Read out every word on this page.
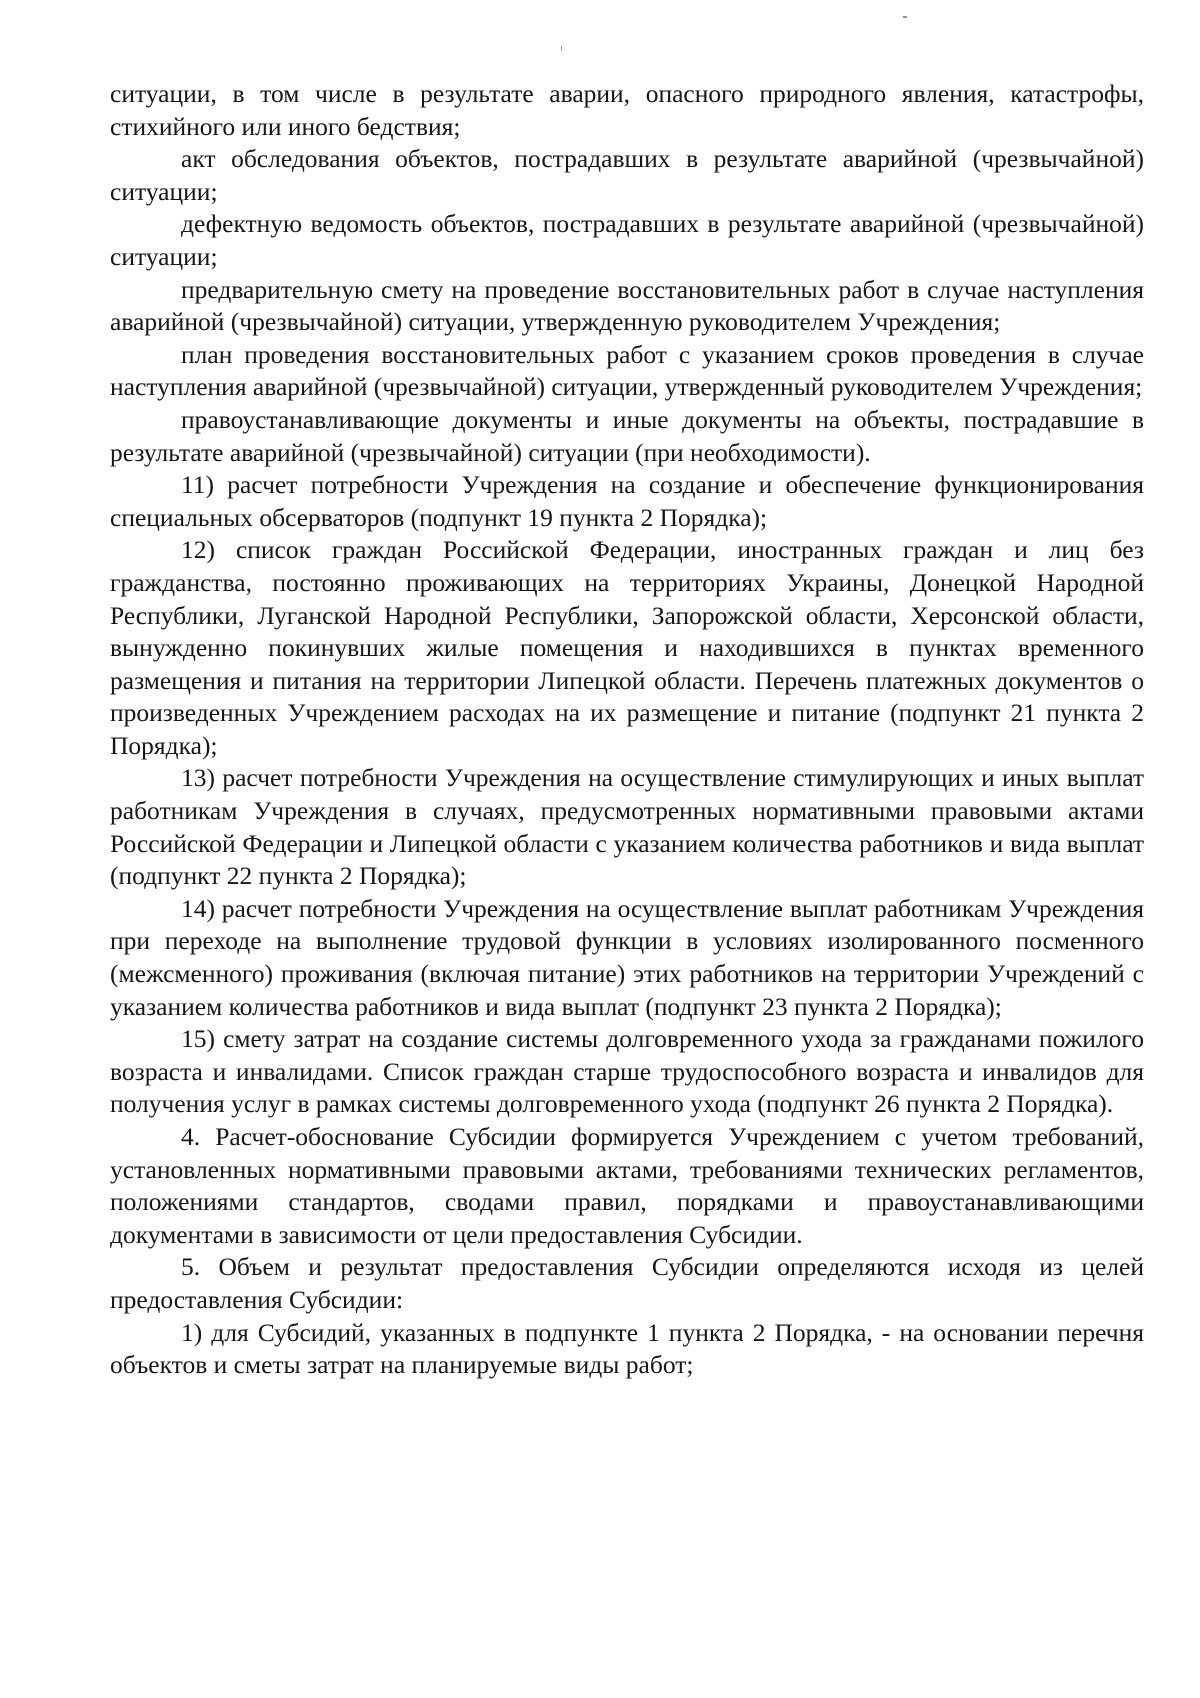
ситуации, в том числе в результате аварии, опасного природного явления, катастрофы, стихийного или иного бедствия;

акт обследования объектов, пострадавших в результате аварийной (чрезвычайной) ситуации;

дефектную ведомость объектов, пострадавших в результате аварийной (чрезвычайной) ситуации;

предварительную смету на проведение восстановительных работ в случае наступления аварийной (чрезвычайной) ситуации, утвержденную руководителем Учреждения;

план проведения восстановительных работ с указанием сроков проведения в случае наступления аварийной (чрезвычайной) ситуации, утвержденный руководителем Учреждения;

правоустанавливающие документы и иные документы на объекты, пострадавшие в результате аварийной (чрезвычайной) ситуации (при необходимости).

11) расчет потребности Учреждения на создание и обеспечение функционирования специальных обсерваторов (подпункт 19 пункта 2 Порядка);

12) список граждан Российской Федерации, иностранных граждан и лиц без гражданства, постоянно проживающих на территориях Украины, Донецкой Народной Республики, Луганской Народной Республики, Запорожской области, Херсонской области, вынужденно покинувших жилые помещения и находившихся в пунктах временного размещения и питания на территории Липецкой области. Перечень платежных документов о произведенных Учреждением расходах на их размещение и питание (подпункт 21 пункта 2 Порядка);

13) расчет потребности Учреждения на осуществление стимулирующих и иных выплат работникам Учреждения в случаях, предусмотренных нормативными правовыми актами Российской Федерации и Липецкой области с указанием количества работников и вида выплат (подпункт 22 пункта 2 Порядка);

14) расчет потребности Учреждения на осуществление выплат работникам Учреждения при переходе на выполнение трудовой функции в условиях изолированного посменного (межсменного) проживания (включая питание) этих работников на территории Учреждений с указанием количества работников и вида выплат (подпункт 23 пункта 2 Порядка);

15) смету затрат на создание системы долговременного ухода за гражданами пожилого возраста и инвалидами. Список граждан старше трудоспособного возраста и инвалидов для получения услуг в рамках системы долговременного ухода (подпункт 26 пункта 2 Порядка).

4. Расчет-обоснование Субсидии формируется Учреждением с учетом требований, установленных нормативными правовыми актами, требованиями технических регламентов, положениями стандартов, сводами правил, порядками и правоустанавливающими документами в зависимости от цели предоставления Субсидии.

5. Объем и результат предоставления Субсидии определяются исходя из целей предоставления Субсидии:

1) для Субсидий, указанных в подпункте 1 пункта 2 Порядка, - на основании перечня объектов и сметы затрат на планируемые виды работ;
